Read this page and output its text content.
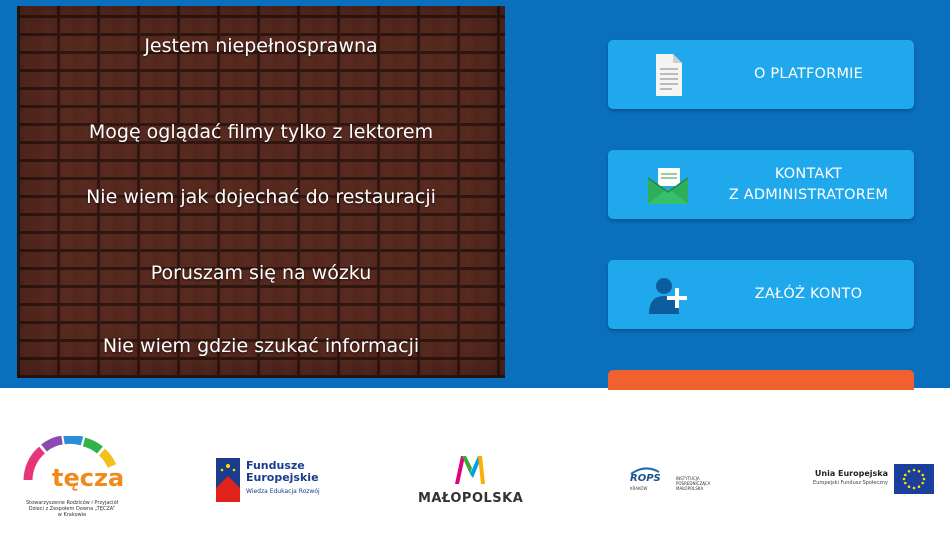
Jestem niepełnosprawna
Mogę oglądać filmy tylko z lektorem
Nie wiem jak dojechać do restauracji
Poruszam się na wózku
Nie wiem gdzie szukać informacji
O PLATFORMIE
KONTAKT
Z ADMINISTRATOREM
ZAŁÓŻ KONTO
tęcza
Stowarzyszenie Rodziców i Przyjaciół
Dzieci z Zespołem Downa „TĘCZA”
w Krakowie
Fundusze
Europejskie
Wiedza Edukacja Rozwój	MAŁOPOLSKA
ROPS
KRAKÓW
INSTYTUCJA
POŚREDNICZĄCA
MAŁOPOLSKA
Unia Europejska
Europejski Fundusz Społeczny
